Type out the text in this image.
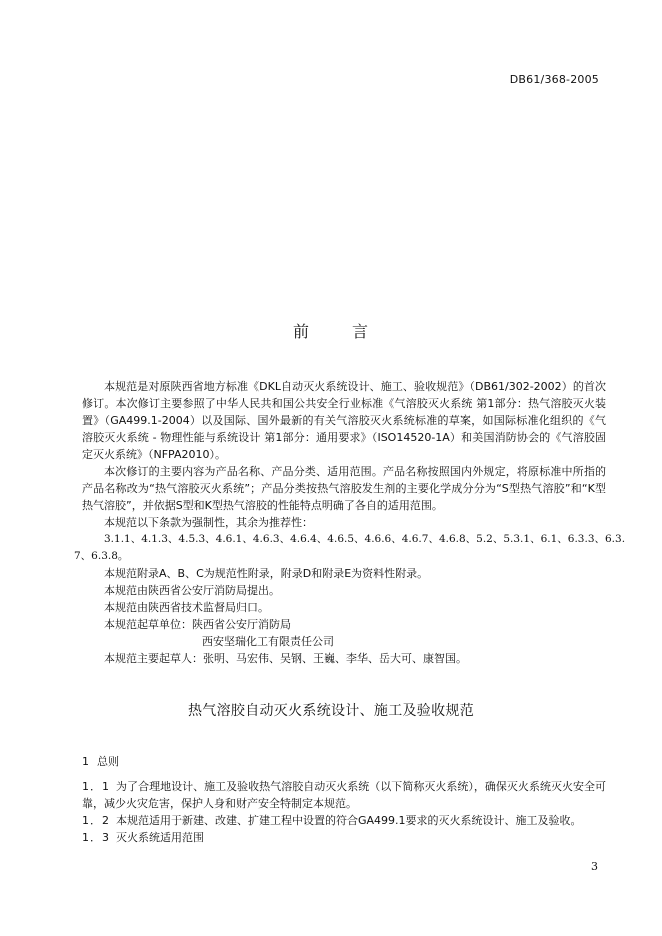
DB61/368-2005
前	言

本规范是对原陕西省地方标准《DKL自动灭火系统设计、施工、验收规范》（DB61/302-2002）的首次修订。本次修订主要参照了中华人民共和国公共安全行业标准《气溶胶灭火系统 第1部分：热气溶胶灭火装置》（GA499.1-2004）以及国际、国外最新的有关气溶胶灭火系统标准的草案，如国际标准化组织的《气溶胶灭火系统 - 物理性能与系统设计 第1部分：通用要求》（ISO14520-1A）和美国消防协会的《气溶胶固定灭火系统》（NFPA2010）。

本次修订的主要内容为产品名称、产品分类、适用范围。产品名称按照国内外规定，将原标准中所指的产品名称改为“热气溶胶灭火系统”；产品分类按热气溶胶发生剂的主要化学成分分为“S型热气溶胶”和“K型热气溶胶”，并依据S型和K型热气溶胶的性能特点明确了各自的适用范围。

本规范以下条款为强制性，其余为推荐性：

3.1.1、4.1.3、4.5.3、4.6.1、4.6.3、4.6.4、4.6.5、4.6.6、4.6.7、4.6.8、5.2、5.3.1、6.1、6.3.3、6.3.

7、6.3.8。

本规范附录A、B、C为规范性附录，附录D和附录E为资料性附录。

本规范由陕西省公安厅消防局提出。

本规范由陕西省技术监督局归口。

本规范起草单位：陕西省公安厅消防局

西安坚瑞化工有限责任公司

本规范主要起草人：张明、马宏伟、吴钢、王巍、李华、岳大可、康智国。

热气溶胶自动灭火系统设计、施工及验收规范
1 总则

1．1 为了合理地设计、施工及验收热气溶胶自动灭火系统（以下简称灭火系统），确保灭火系统灭火安全可靠，减少火灾危害，保护人身和财产安全特制定本规范。

1．2 本规范适用于新建、改建、扩建工程中设置的符合GA499.1要求的灭火系统设计、施工及验收。

1．3 灭火系统适用范围

3
